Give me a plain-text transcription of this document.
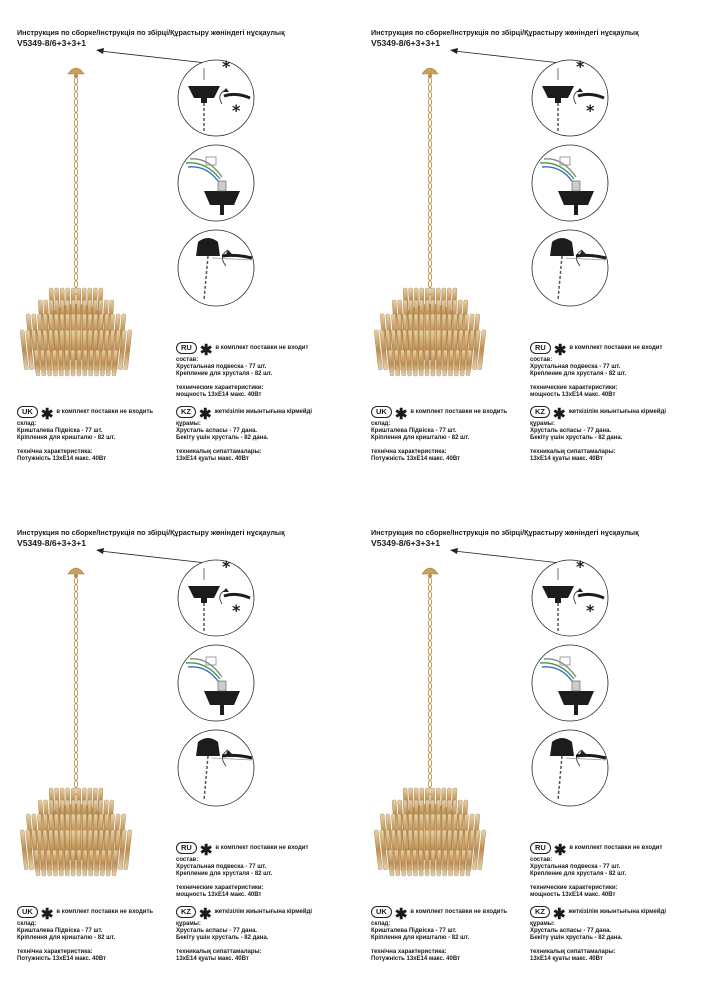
Инструкция по сборке/Інструкція по збірці/Құрастыру жөніндегі нұсқаулық
V5349-8/6+3+3+1
*
*
RU ✱ в комплект поставки не входит
состав:
Хрустальная подвеска - 77 шт.
Крепление для хрусталя - 82 шт.
технические характеристики:
мощность 13хE14 макс. 40Вт
UK ✱ в комплект поставки не входить
склад:
Кришталева Підвіска - 77 шт.
Кріплення для кришталю - 82 шт.
технічна характеристика:
Потужність 13хE14 макс. 40Вт
KZ ✱ жеткізілім жиынтығына кірмейді
құрамы:
Хрусталь аспасы - 77 дана.
Бекіту үшін хрусталь - 82 дана.
техникалық сипаттамалары:
13хE14 қуаты макс. 40Вт
Инструкция по сборке/Інструкція по збірці/Құрастыру жөніндегі нұсқаулық
V5349-8/6+3+3+1
*
*
RU ✱ в комплект поставки не входит
состав:
Хрустальная подвеска - 77 шт.
Крепление для хрусталя - 82 шт.
технические характеристики:
мощность 13хE14 макс. 40Вт
UK ✱ в комплект поставки не входить
склад:
Кришталева Підвіска - 77 шт.
Кріплення для кришталю - 82 шт.
технічна характеристика:
Потужність 13хE14 макс. 40Вт
KZ ✱ жеткізілім жиынтығына кірмейді
құрамы:
Хрусталь аспасы - 77 дана.
Бекіту үшін хрусталь - 82 дана.
техникалық сипаттамалары:
13хE14 қуаты макс. 40Вт
Инструкция по сборке/Інструкція по збірці/Құрастыру жөніндегі нұсқаулық
V5349-8/6+3+3+1
*
*
RU ✱ в комплект поставки не входит
состав:
Хрустальная подвеска - 77 шт.
Крепление для хрусталя - 82 шт.
технические характеристики:
мощность 13хE14 макс. 40Вт
UK ✱ в комплект поставки не входить
склад:
Кришталева Підвіска - 77 шт.
Кріплення для кришталю - 82 шт.
технічна характеристика:
Потужність 13хE14 макс. 40Вт
KZ ✱ жеткізілім жиынтығына кірмейді
құрамы:
Хрусталь аспасы - 77 дана.
Бекіту үшін хрусталь - 82 дана.
техникалық сипаттамалары:
13хE14 қуаты макс. 40Вт
Инструкция по сборке/Інструкція по збірці/Құрастыру жөніндегі нұсқаулық
V5349-8/6+3+3+1
*
*
RU ✱ в комплект поставки не входит
состав:
Хрустальная подвеска - 77 шт.
Крепление для хрусталя - 82 шт.
технические характеристики:
мощность 13хE14 макс. 40Вт
UK ✱ в комплект поставки не входить
склад:
Кришталева Підвіска - 77 шт.
Кріплення для кришталю - 82 шт.
технічна характеристика:
Потужність 13хE14 макс. 40Вт
KZ ✱ жеткізілім жиынтығына кірмейді
құрамы:
Хрусталь аспасы - 77 дана.
Бекіту үшін хрусталь - 82 дана.
техникалық сипаттамалары:
13хE14 қуаты макс. 40Вт
